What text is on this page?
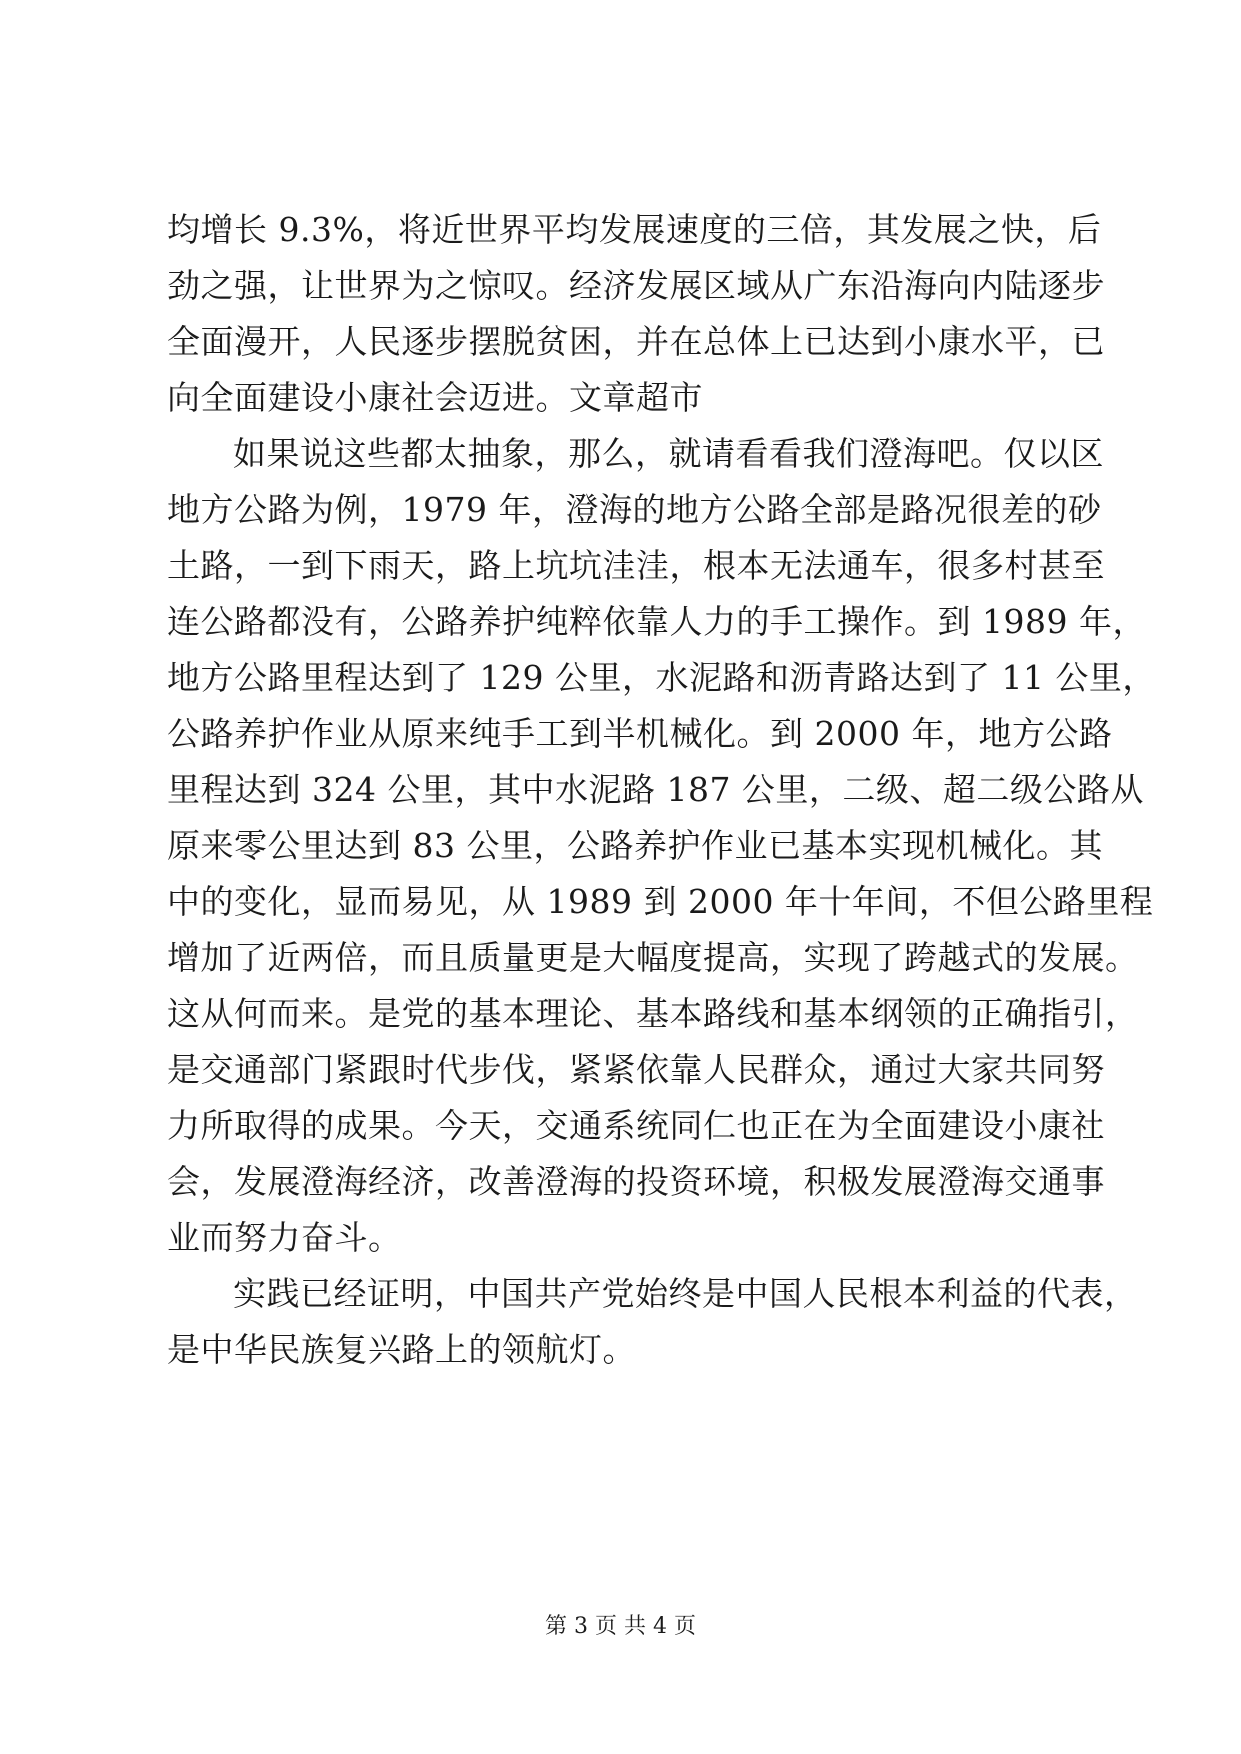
均增长 9.3%，将近世界平均发展速度的三倍，其发展之快，后
劲之强，让世界为之惊叹。经济发展区域从广东沿海向内陆逐步
全面漫开，人民逐步摆脱贫困，并在总体上已达到小康水平，已
向全面建设小康社会迈进。文章超市
如果说这些都太抽象，那么，就请看看我们澄海吧。仅以区
地方公路为例，1979 年，澄海的地方公路全部是路况很差的砂
土路，一到下雨天，路上坑坑洼洼，根本无法通车，很多村甚至
连公路都没有，公路养护纯粹依靠人力的手工操作。到 1989 年，
地方公路里程达到了 129 公里，水泥路和沥青路达到了 11 公里，
公路养护作业从原来纯手工到半机械化。到 2000 年，地方公路
里程达到 324 公里，其中水泥路 187 公里，二级、超二级公路从
原来零公里达到 83 公里，公路养护作业已基本实现机械化。其
中的变化，显而易见，从 1989 到 2000 年十年间，不但公路里程
增加了近两倍，而且质量更是大幅度提高，实现了跨越式的发展。
这从何而来。是党的基本理论、基本路线和基本纲领的正确指引，
是交通部门紧跟时代步伐，紧紧依靠人民群众，通过大家共同努
力所取得的成果。今天，交通系统同仁也正在为全面建设小康社
会，发展澄海经济，改善澄海的投资环境，积极发展澄海交通事
业而努力奋斗。
实践已经证明，中国共产党始终是中国人民根本利益的代表，
是中华民族复兴路上的领航灯。
第 3 页 共 4 页
